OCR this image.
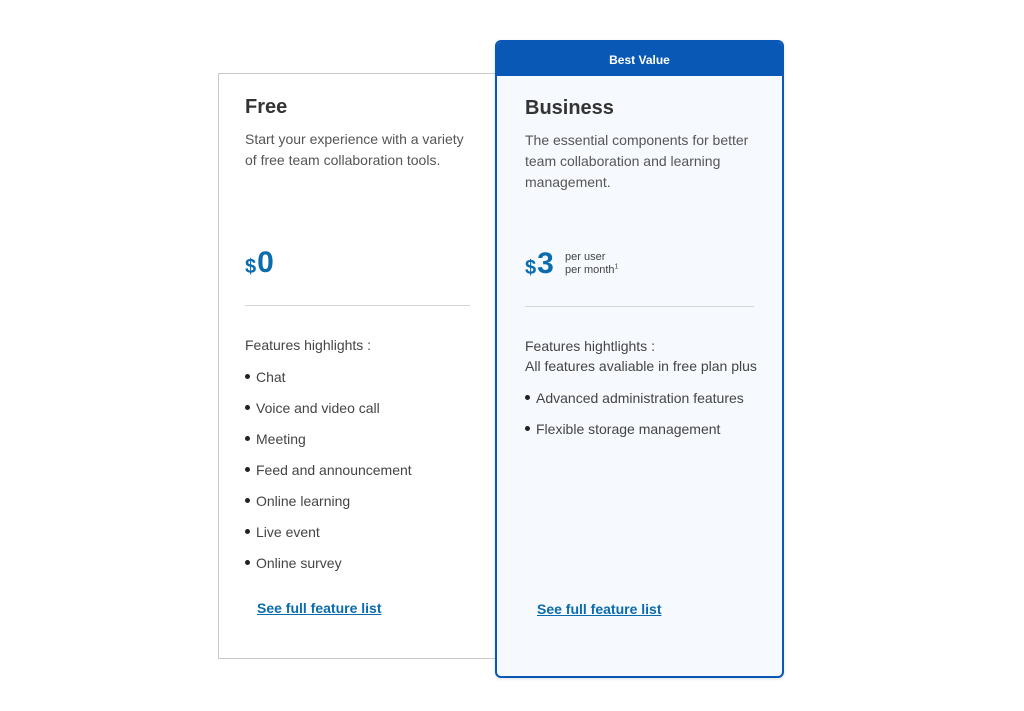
Free

Start your experience with a variety of free team collaboration tools.

$ 0

Features highlights :

Chat
Voice and video call
Meeting
Feed and announcement
Online learning
Live event
Online survey
See full feature list
Best Value
Business

The essential components for better team collaboration and learning management.

$ 3 per user
per month$^1$

Features hightlights :

All features avaliable in free plan plus

Advanced administration features
Flexible storage management
See full feature list
